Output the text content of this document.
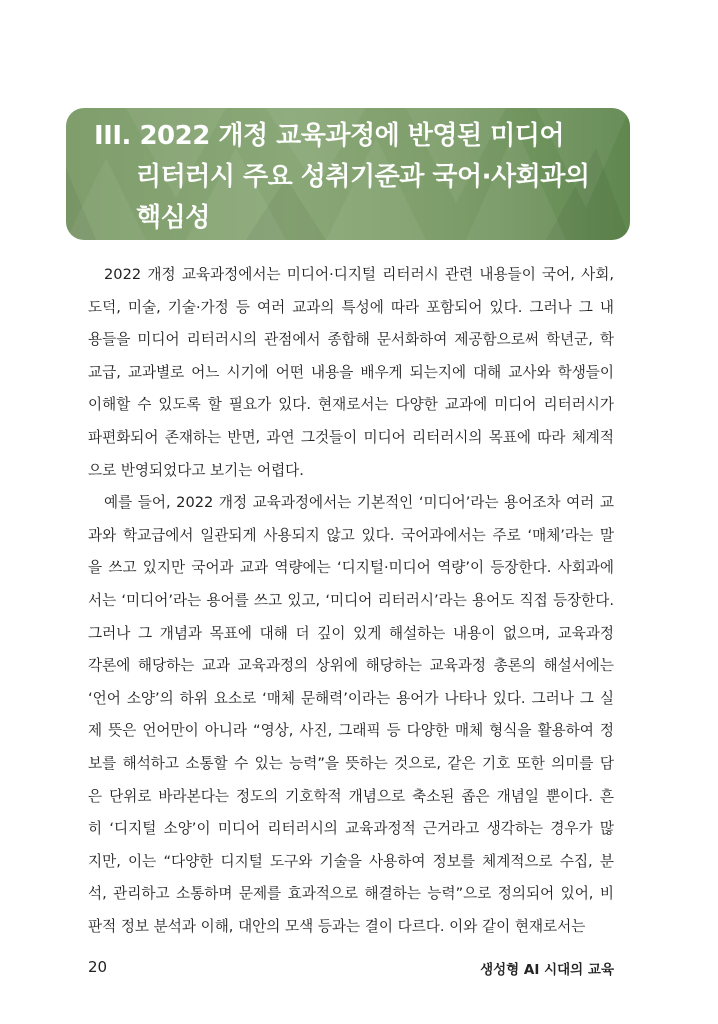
III. 2022 개정 교육과정에 반영된 미디어
리터러시 주요 성취기준과 국어·사회과의
핵심성
2022 개정 교육과정에서는 미디어·디지털 리터러시 관련 내용들이 국어, 사회,
도덕, 미술, 기술·가정 등 여러 교과의 특성에 따라 포함되어 있다. 그러나 그 내
용들을 미디어 리터러시의 관점에서 종합해 문서화하여 제공함으로써 학년군, 학
교급, 교과별로 어느 시기에 어떤 내용을 배우게 되는지에 대해 교사와 학생들이
이해할 수 있도록 할 필요가 있다. 현재로서는 다양한 교과에 미디어 리터러시가
파편화되어 존재하는 반면, 과연 그것들이 미디어 리터러시의 목표에 따라 체계적
으로 반영되었다고 보기는 어렵다.
예를 들어, 2022 개정 교육과정에서는 기본적인 ‘미디어’라는 용어조차 여러 교
과와 학교급에서 일관되게 사용되지 않고 있다. 국어과에서는 주로 ‘매체’라는 말
을 쓰고 있지만 국어과 교과 역량에는 ‘디지털·미디어 역량’이 등장한다. 사회과에
서는 ‘미디어’라는 용어를 쓰고 있고, ‘미디어 리터러시’라는 용어도 직접 등장한다.
그러나 그 개념과 목표에 대해 더 깊이 있게 해설하는 내용이 없으며, 교육과정
각론에 해당하는 교과 교육과정의 상위에 해당하는 교육과정 총론의 해설서에는
‘언어 소양’의 하위 요소로 ‘매체 문해력’이라는 용어가 나타나 있다. 그러나 그 실
제 뜻은 언어만이 아니라 “영상, 사진, 그래픽 등 다양한 매체 형식을 활용하여 정
보를 해석하고 소통할 수 있는 능력”을 뜻하는 것으로, 같은 기호 또한 의미를 담
은 단위로 바라본다는 정도의 기호학적 개념으로 축소된 좁은 개념일 뿐이다. 흔
히 ‘디지털 소양’이 미디어 리터러시의 교육과정적 근거라고 생각하는 경우가 많
지만, 이는 “다양한 디지털 도구와 기술을 사용하여 정보를 체계적으로 수집, 분
석, 관리하고 소통하며 문제를 효과적으로 해결하는 능력”으로 정의되어 있어, 비
판적 정보 분석과 이해, 대안의 모색 등과는 결이 다르다. 이와 같이 현재로서는
20	생성형 AI 시대의 교육
